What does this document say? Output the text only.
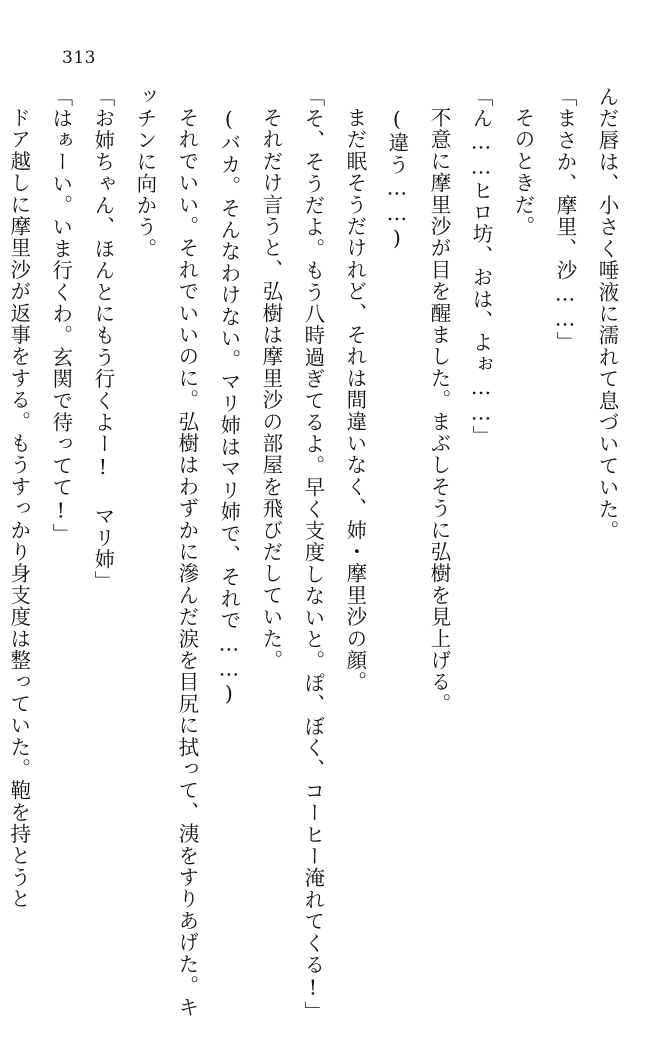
313

んだ唇は、小さく唾液に濡れて息づいていた。

「まさか、摩里、沙……」

そのときだ。

「ん……ヒロ坊、おは、よぉ……」

不意に摩里沙が目を醒ました。まぶしそうに弘樹を見上げる。

(違う……)

まだ眠そうだけれど、それは間違いなく、姉・摩里沙の顔。

「そ、そうだよ。もう八時過ぎてるよ。早く支度しないと。ぽ、ぼく、コーヒー淹れてくる!」

それだけ言うと、弘樹は摩里沙の部屋を飛びだしていた。

(バカ。そんなわけない。マリ姉はマリ姉で、それで……)

それでいい。それでいいのに。弘樹はわずかに滲んだ涙を目尻に拭って、洟をすりあげた。キッチンに向かう。

「お姉ちゃん、ほんとにもう行くよー! マリ姉」

「はぁーい。いま行くわ。玄関で待ってて!」

ドア越しに摩里沙が返事をする。もうすっかり身支度は整っていた。鞄を持とうと
